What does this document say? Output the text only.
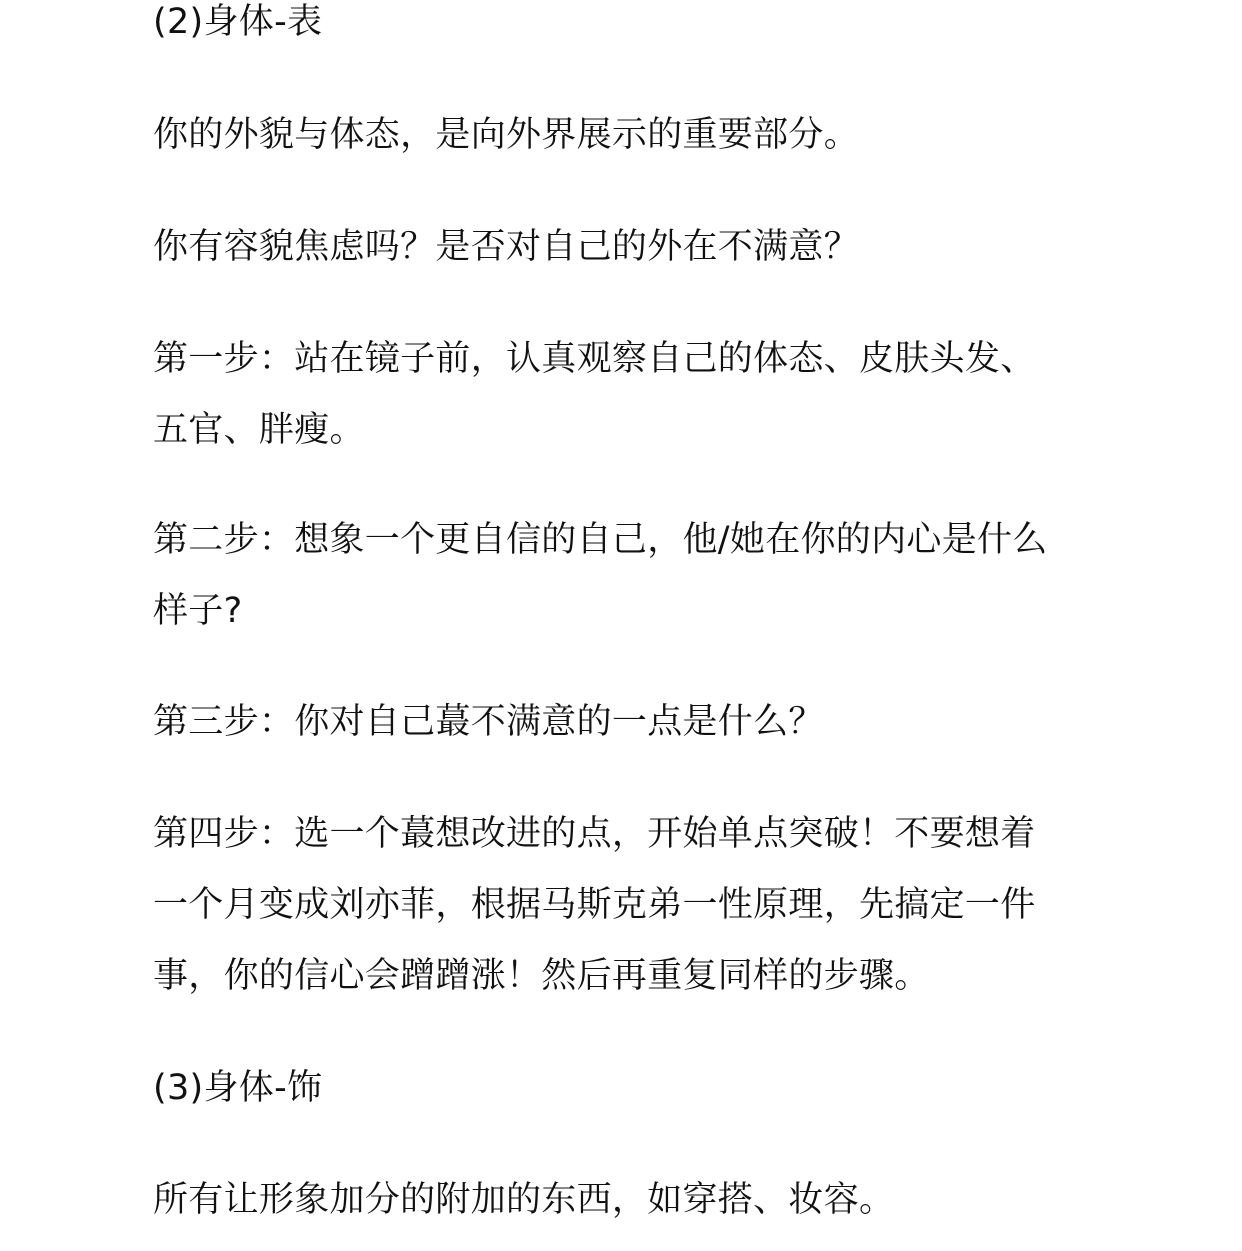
(2)身体-表
你的外貌与体态，是向外界展示的重要部分。
你有容貌焦虑吗？是否对自己的外在不满意？
第一步：站在镜子前，认真观察自己的体态、皮肤头发、
五官、胖瘦。
第二步：想象一个更自信的自己，他/她在你的内心是什么
样子?
第三步：你对自己蕞不满意的一点是什么？
第四步：选一个蕞想改进的点，开始单点突破！不要想着
一个月变成刘亦菲，根据马斯克弟一性原理，先搞定一件
事，你的信心会蹭蹭涨！然后再重复同样的步骤。
(3)身体-饰
所有让形象加分的附加的东西，如穿搭、妆容。
